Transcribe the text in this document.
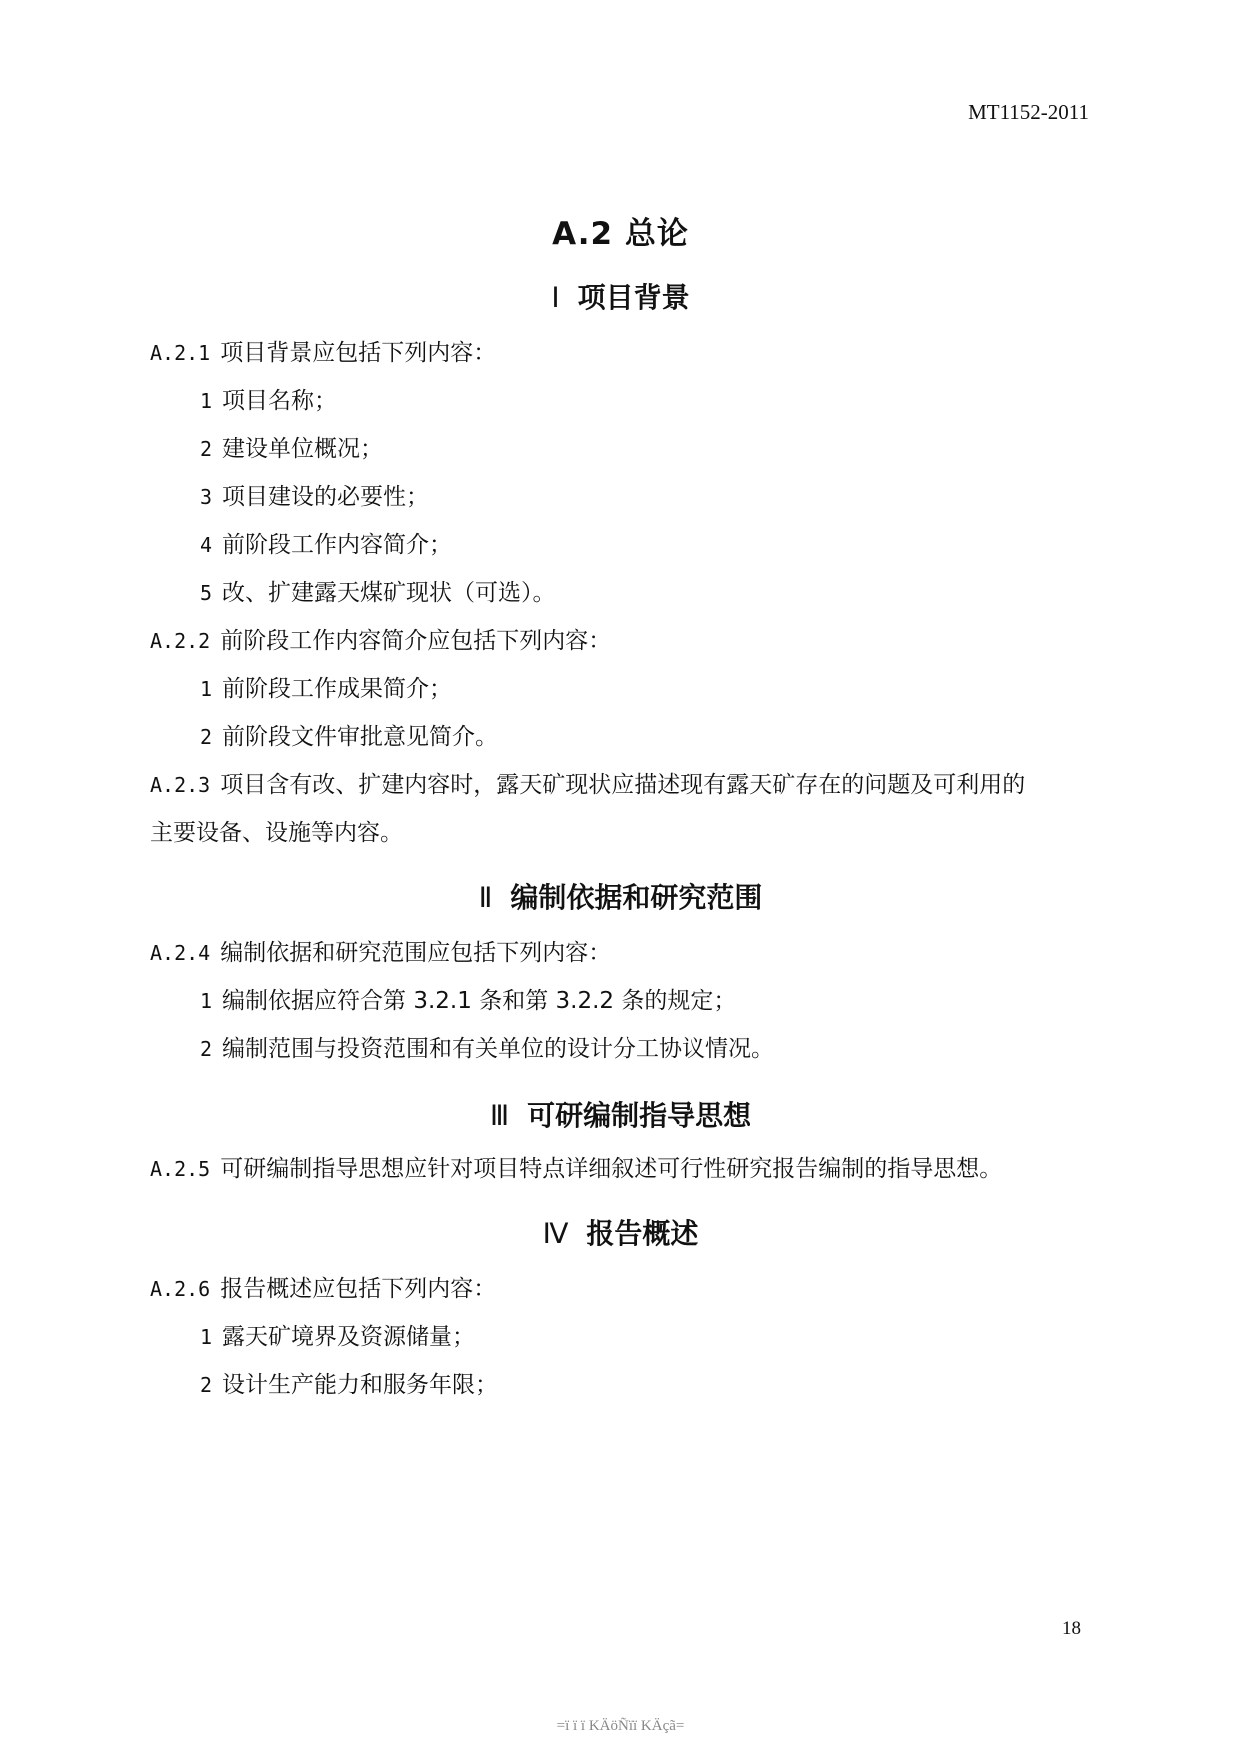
MT1152-2011
A.2 总论
Ⅰ 项目背景
A.2.1 项目背景应包括下列内容：
1 项目名称；
2 建设单位概况；
3 项目建设的必要性；
4 前阶段工作内容简介；
5 改、扩建露天煤矿现状（可选）。
A.2.2 前阶段工作内容简介应包括下列内容：
1 前阶段工作成果简介；
2 前阶段文件审批意见简介。
A.2.3 项目含有改、扩建内容时，露天矿现状应描述现有露天矿存在的问题及可利用的
主要设备、设施等内容。
Ⅱ 编制依据和研究范围
A.2.4 编制依据和研究范围应包括下列内容：
1 编制依据应符合第 3.2.1 条和第 3.2.2 条的规定；
2 编制范围与投资范围和有关单位的设计分工协议情况。
Ⅲ 可研编制指导思想
A.2.5 可研编制指导思想应针对项目特点详细叙述可行性研究报告编制的指导思想。
Ⅳ 报告概述
A.2.6 报告概述应包括下列内容：
1 露天矿境界及资源储量；
2 设计生产能力和服务年限；
18
=ï ï ï KÄöÑïï KÄçã=
